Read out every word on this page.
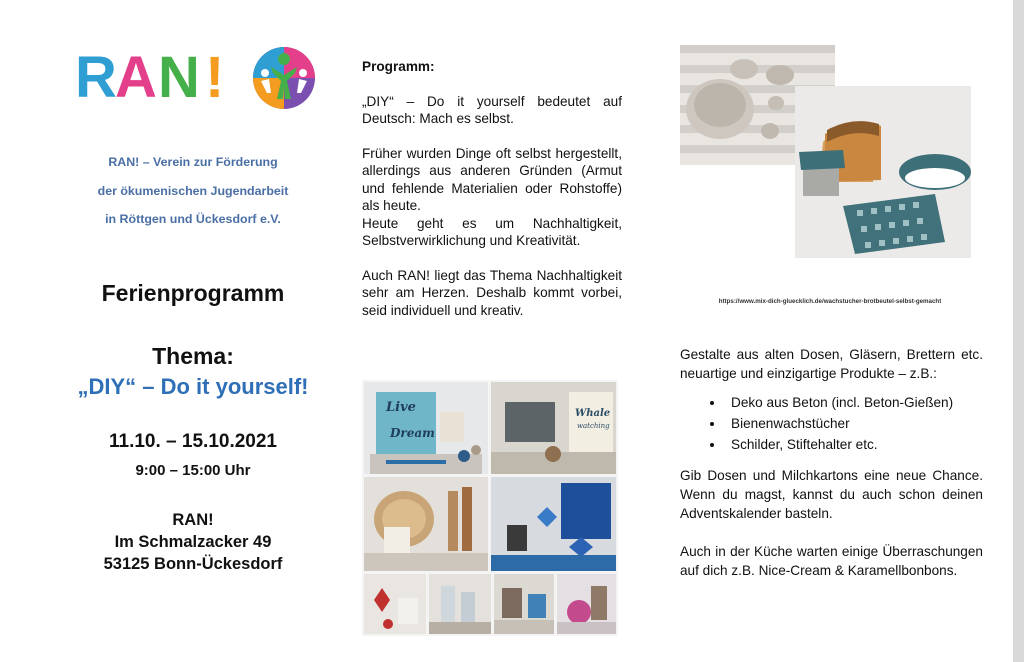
R
A N !
RAN! – Verein zur Förderung
der ökumenischen Jugendarbeit
in Röttgen und Ückesdorf e.V.
Ferienprogramm
Thema:
„DIY“ – Do it yourself!
11.10. – 15.10.2021
9:00 – 15:00 Uhr
RAN!
Im Schmalzacker 49
53125 Bonn-Ückesdorf
Programm:

„DIY“ – Do it yourself bedeutet auf Deutsch: Mach es selbst.

Früher wurden Dinge oft selbst hergestellt, allerdings aus anderen Gründen (Armut und fehlende Materialien oder Rohstoffe) als heute.

Heute geht es um Nachhaltigkeit, Selbstverwirklichung und Kreativität.

Auch RAN! liegt das Thema Nachhaltigkeit sehr am Herzen. Deshalb kommt vorbei, seid individuell und kreativ.

Live
Dream
Whale
watching
https://www.mix-dich-gluecklich.de/wachstucher-brotbeutel-selbst-gemacht

Gestalte aus alten Dosen, Gläsern, Brettern etc. neuartige und einzigartige Produkte – z.B.:

• Deko aus Beton (incl. Beton-Gießen)
• Bienenwachstücher
• Schilder, Stiftehalter etc.

Gib Dosen und Milchkartons eine neue Chance. Wenn du magst, kannst du auch schon deinen Adventskalender basteln.

Auch in der Küche warten einige Überraschungen auf dich z.B. Nice-Cream & Karamellbonbons.
